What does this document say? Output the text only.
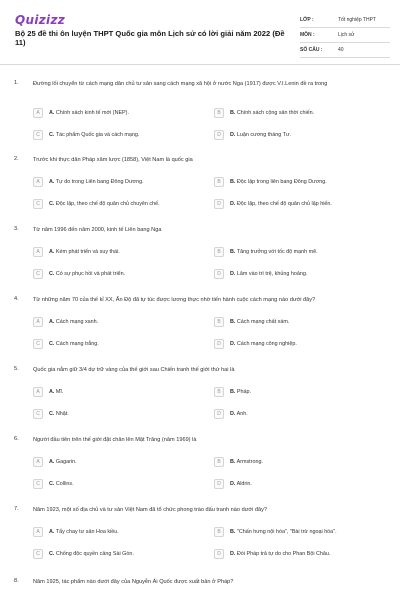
Quizizz
Bộ 25 đề thi ôn luyện THPT Quốc gia môn Lịch sử có lời giải năm 2022 (Đề 11)
LỚP :	Tốt nghiệp THPT
MÔN :	Lịch sử
SỐ CÂU :	40
1.	Đường lối chuyển từ cách mạng dân chủ tư sản sang cách mạng xã hội ở nước Nga (1917) được V.I.Lenin đề ra trong
A	A. Chính sách kinh tế mới (NEP).	B	B. Chính sách cộng sản thời chiến.
C	C. Tác phẩm Quốc gia và cách mạng.	D	D. Luận cương tháng Tư.
2.	Trước khi thực dân Pháp xâm lược (1858), Việt Nam là quốc gia
A	A. Tự do trong Liên bang Đông Dương.	B	B. Độc lập trong liên bang Đông Dương.
C	C. Độc lập, theo chế độ quân chủ chuyên chế.	D	D. Độc lập, theo chế độ quân chủ lập hiến.
3.	Từ năm 1996 đến năm 2000, kinh tế Liên bang Nga
A	A. Kém phát triển và suy thái.	B	B. Tăng trưởng với tốc độ mạnh mẽ.
C	C. Có sự phục hồi và phát triển.	D	D. Lâm vào trì trệ, khủng hoảng.
4.	Từ những năm 70 của thế kỉ XX, Ấn Độ đã tự túc được lương thực nhờ tiến hành cuộc cách mạng nào dưới đây?
A	A. Cách mạng xanh.	B	B. Cách mạng chất xám.
C	C. Cách mạng trắng.	D	D. Cách mạng công nghiệp.
5.	Quốc gia nắm giữ 3/4 dự trữ vàng của thế giới sau Chiến tranh thế giới thứ hai là
A	A. Mĩ.	B	B. Pháp.
C	C. Nhật.	D	D. Anh.
6.	Người đầu tiên trên thế giới đặt chân lên Mặt Trăng (năm 1969) là
A	A. Gagarin.	B	B. Armstrong.
C	C. Collins.	D	D. Aldrin.
7.	Năm 1923, một số địa chủ và tư sản Việt Nam đã tổ chức phong trào đấu tranh nào dưới đây?
A	A. Tẩy chay tư sản Hoa kiều.	B	B. "Chấn hưng nội hóa", "Bài trừ ngoại hóa".
C	C. Chống độc quyền cảng Sài Gòn.	D	D. Đòi Pháp trả tự do cho Phan Bội Châu.
8.	Năm 1925, tác phẩm nào dưới đây của Nguyễn Ái Quốc được xuất bản ở Pháp?
